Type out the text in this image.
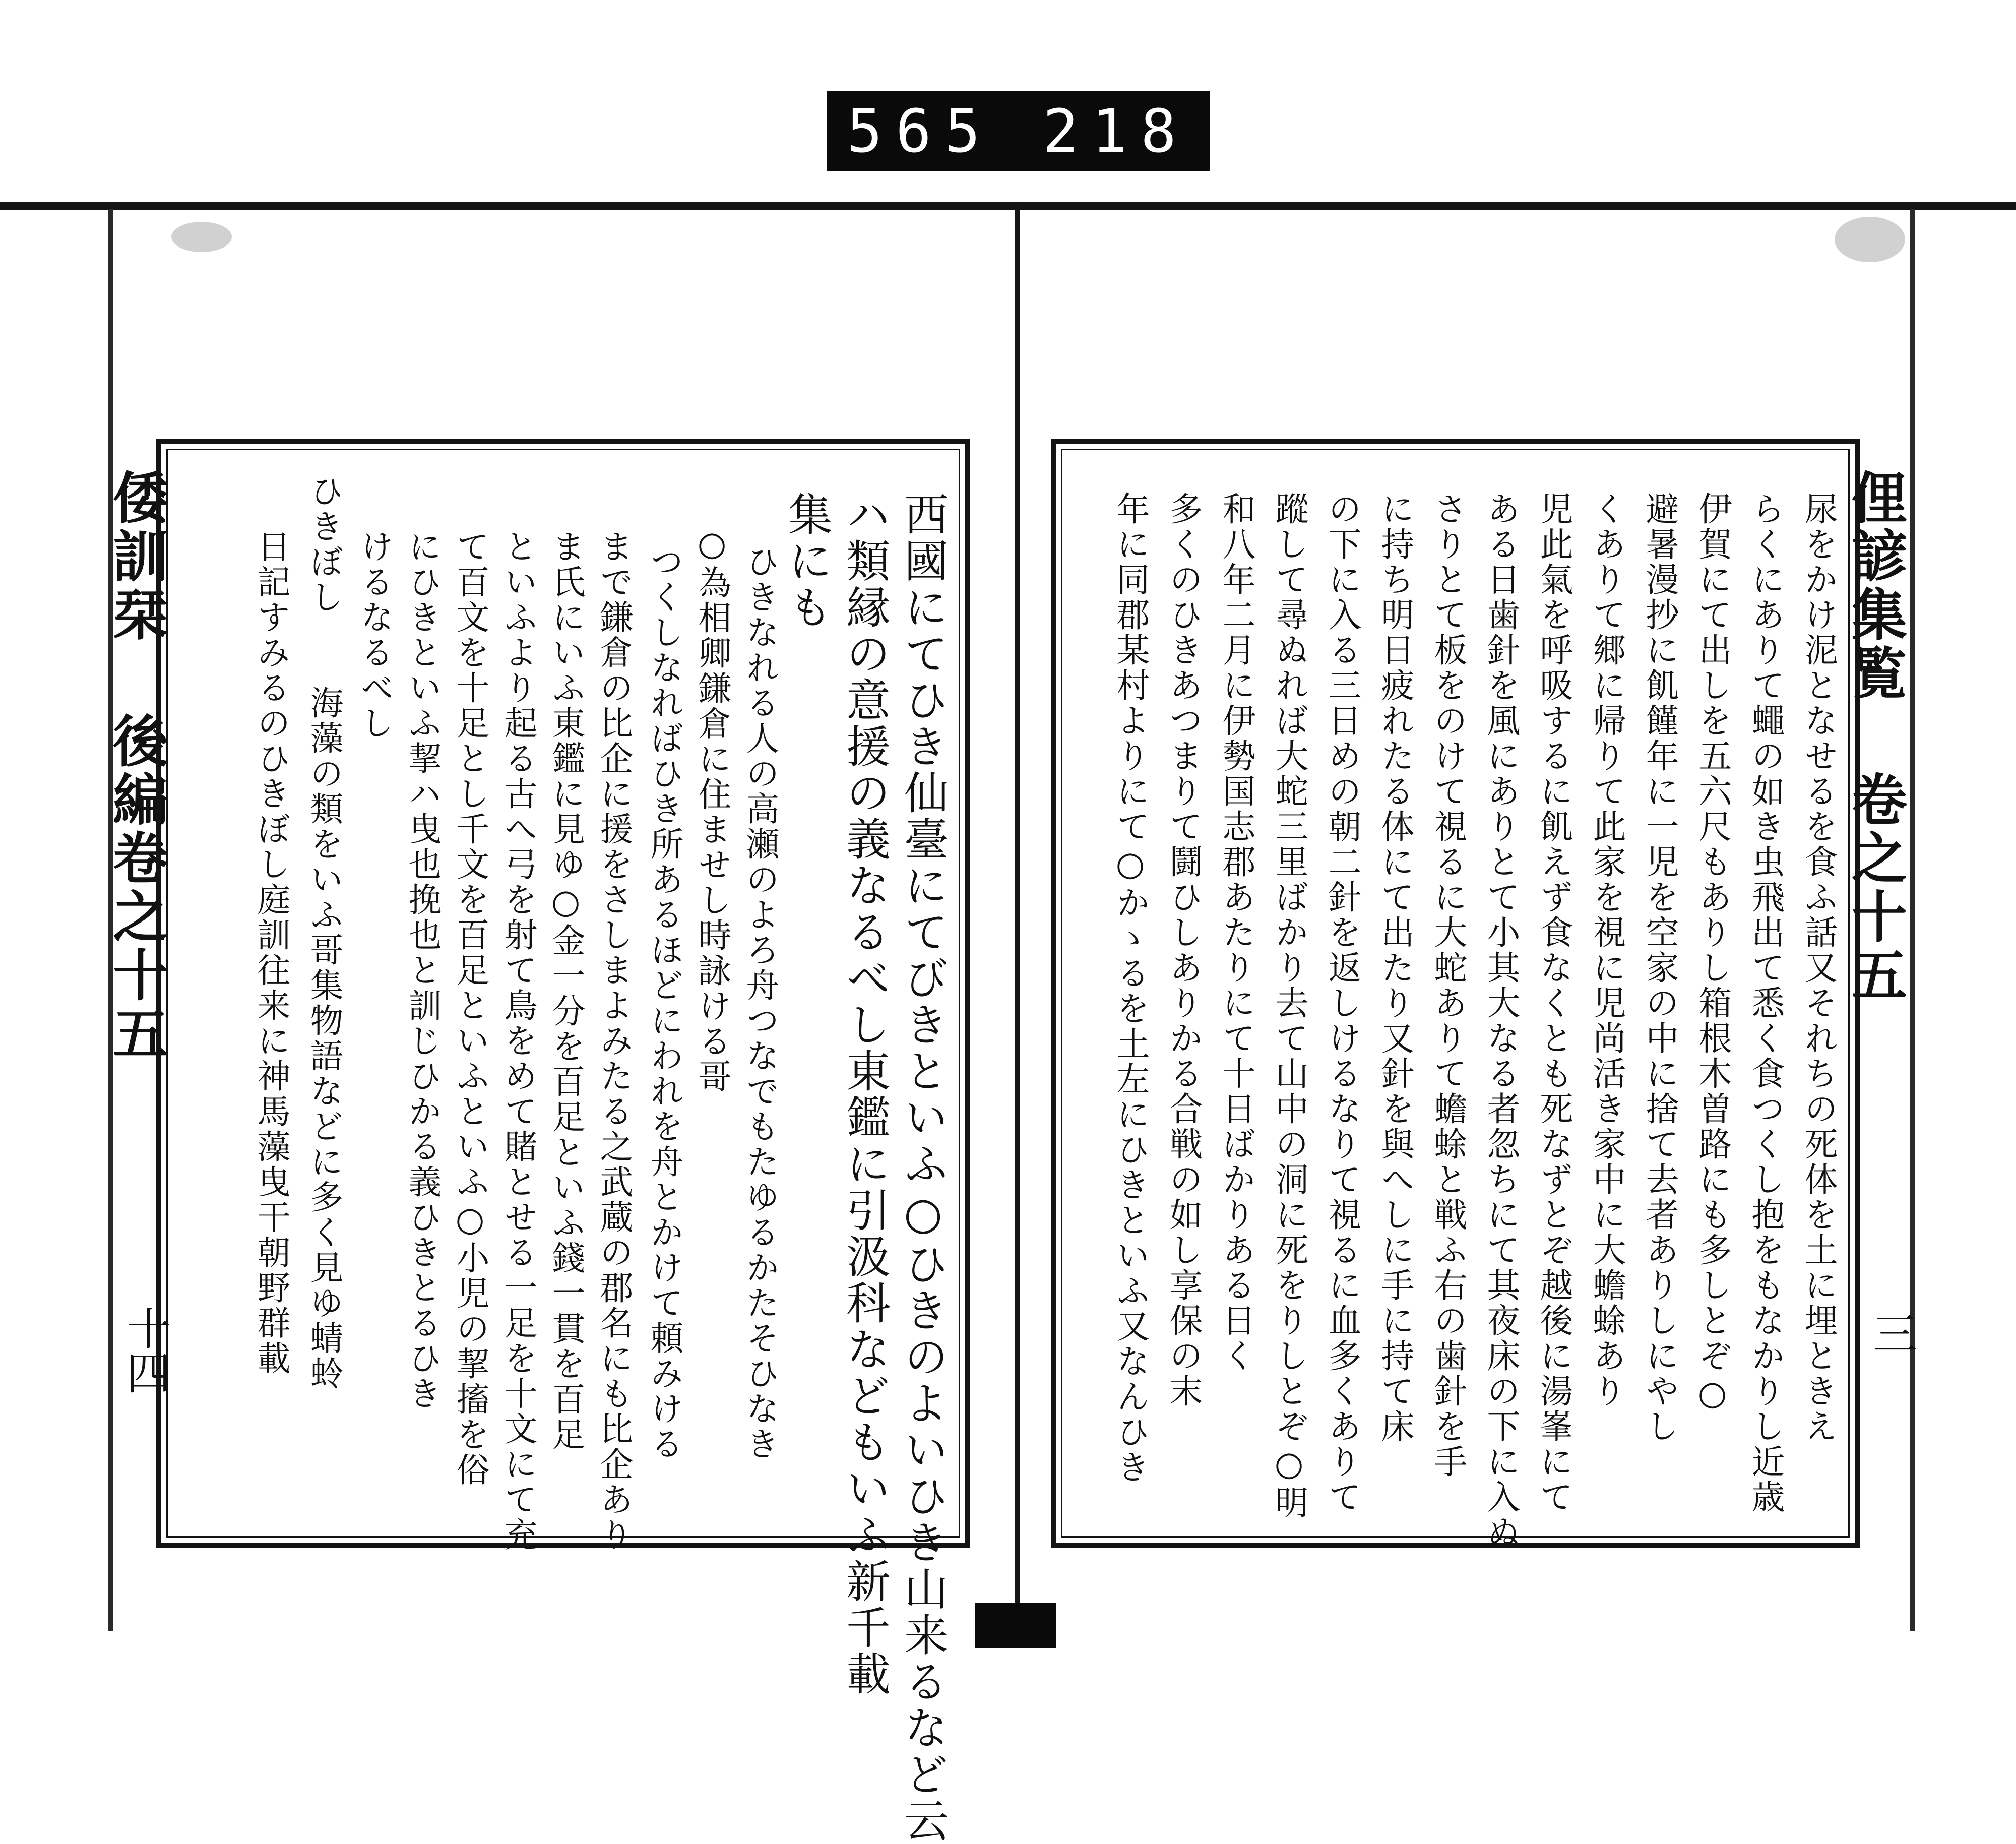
565 218
倭訓栞 後編卷之十五
十四	西國にてひき仙臺にてびきといふ○ひきのよいひき山来るなど云
ハ類縁の意援の義なるべし東鑑に引汲科などもいふ新千載
集にも
ひきなれる人の高瀬のよろ舟つなでもたゆるかたそひなき
○為相卿鎌倉に住ませし時詠ける哥
つくしなればひき所あるほどにわれを舟とかけて頼みける
まで鎌倉の比企に援をさしまよみたる之武蔵の郡名にも比企あり
ま氏にいふ東鑑に見ゆ○金一分を百足といふ錢一貫を百足
といふより起る古へ弓を射て鳥をめて賭とせる一足を十文にて充
て百文を十足とし千文を百足といふといふ○小児の挈搐を俗
にひきといふ挈ハ曳也挽也と訓じひかる義ひきとるひき
けるなるべし
ひきぼし　　海藻の類をいふ哥集物語などに多く見ゆ蜻蛉
日記すみるのひきぼし庭訓往来に神馬藻曳干朝野群載	俚諺集覧 卷之十五
三
尿をかけ泥となせるを食ふ話又それちの死体を土に埋ときえ
らくにありて蠅の如き虫飛出て悉く食つくし抱をもなかりし近歳
伊賀にて出しを五六尺もありし箱根木曽路にも多しとぞ○
避暑漫抄に飢饉年に一児を空家の中に捨て去者ありしにやし
くありて郷に帰りて此家を視に児尚活き家中に大蟾蜍あり
児此氣を呼吸するに飢えず食なくとも死なずとぞ越後に湯峯にて
ある日歯針を風にありとて小其大なる者忽ちにて其夜床の下に入ぬ
さりとて板をのけて視るに大蛇ありて蟾蜍と戦ふ右の歯針を手
に持ち明日疲れたる体にて出たり又針を與へしに手に持て床
の下に入る三日めの朝二針を返しけるなりて視るに血多くありて
蹤して尋ぬれば大蛇三里ばかり去て山中の洞に死をりしとぞ○明
和八年二月に伊勢国志郡あたりにて十日ばかりある日く
多くのひきあつまりて鬪ひしありかる合戦の如し享保の末
年に同郡某村よりにて○かゝるを土左にひきといふ又なんひき
